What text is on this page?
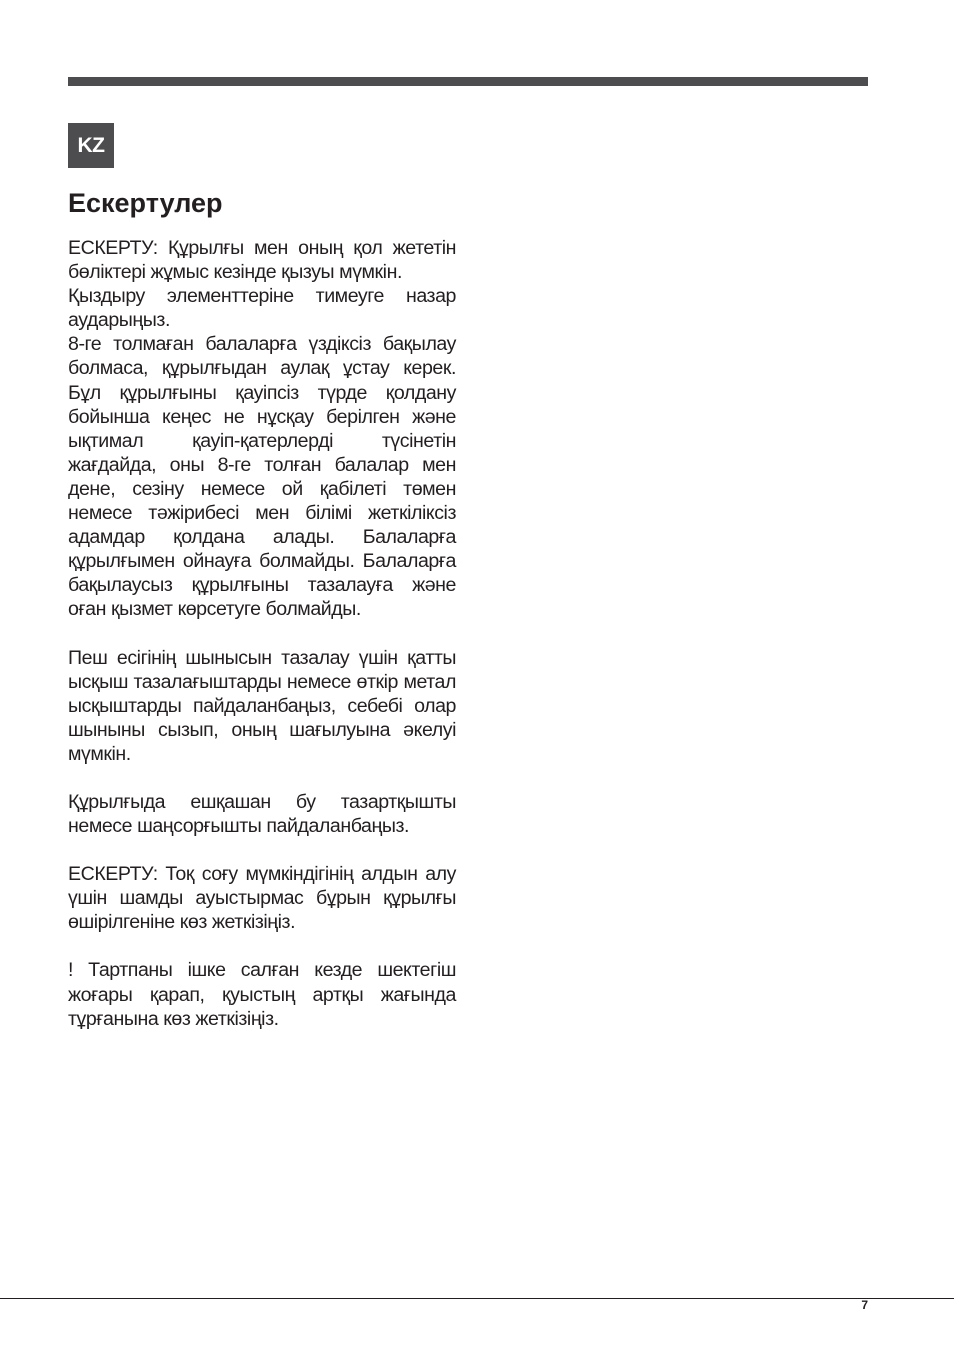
KZ
Ескертулер

ЕСКЕРТУ: Құрылғы мен оның қол жететін бөліктері жұмыс кезінде қызуы мүмкін.

Қыздыру элементтеріне тимеуге назар аударыңыз.

8-ге толмаған балаларға үздіксіз бақылау болмаса, құрылғыдан аулақ ұстау керек. Бұл құрылғыны қауіпсіз түрде қолдану бойынша кеңес не нұсқау берілген және ықтимал қауіп-қатерлерді түсінетін жағдайда, оны 8-ге толған балалар мен дене, сезіну немесе ой қабілеті төмен немесе тәжірибесі мен білімі жеткіліксіз адамдар қолдана алады. Балаларға құрылғымен ойнауға болмайды. Балаларға бақылаусыз құрылғыны тазалауға және оған қызмет көрсетуге болмайды.

Пеш есігінің шынысын тазалау үшін қатты ысқыш тазалағыштарды немесе өткір метал ысқыштарды пайдаланбаңыз, себебі олар шыныны сызып, оның шағылуына әкелуі мүмкін.

Құрылғыда ешқашан бу тазартқышты немесе шаңсорғышты пайдаланбаңыз.

ЕСКЕРТУ: Тоқ соғу мүмкіндігінің алдын алу үшін шамды ауыстырмас бұрын құрылғы өшірілгеніне көз жеткізіңіз.

! Тартпаны ішке салған кезде шектегіш жоғары қарап, қуыстың артқы жағында тұрғанына көз жеткізіңіз.

7
